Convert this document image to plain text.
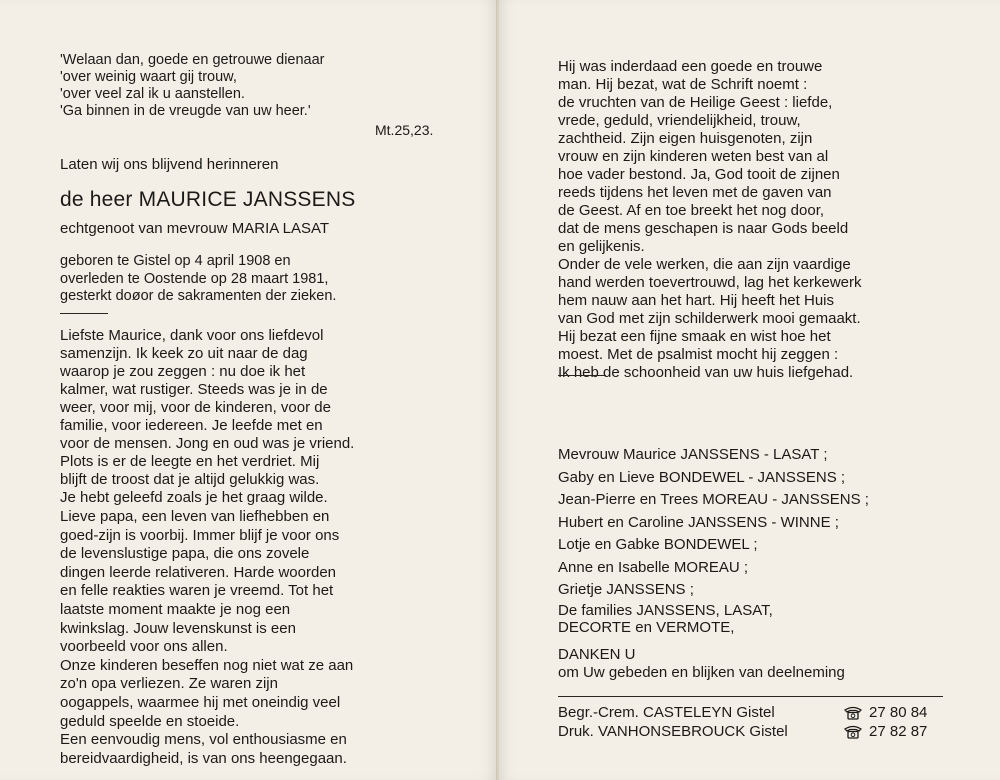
'Welaan dan, goede en getrouwe dienaar
'over weinig waart gij trouw,
'over veel zal ik u aanstellen.
'Ga binnen in de vreugde van uw heer.'
Mt.25,23.
Laten wij ons blijvend herinneren
de heer MAURICE JANSSENS
echtgenoot van mevrouw MARIA LASAT
geboren te Gistel op 4 april 1908 en
overleden te Oostende op 28 maart 1981,
gesterkt doøor de sakramenten der zieken.
Liefste Maurice, dank voor ons liefdevol
samenzijn. Ik keek zo uit naar de dag
waarop je zou zeggen : nu doe ik het
kalmer, wat rustiger. Steeds was je in de
weer, voor mij, voor de kinderen, voor de
familie, voor iedereen. Je leefde met en
voor de mensen. Jong en oud was je vriend.
Plots is er de leegte en het verdriet. Mij
blijft de troost dat je altijd gelukkig was.
Je hebt geleefd zoals je het graag wilde.
Lieve papa, een leven van liefhebben en
goed-zijn is voorbij. Immer blijf je voor ons
de levenslustige papa, die ons zovele
dingen leerde relativeren. Harde woorden
en felle reakties waren je vreemd. Tot het
laatste moment maakte je nog een
kwinkslag. Jouw levenskunst is een
voorbeeld voor ons allen.
Onze kinderen beseffen nog niet wat ze aan
zo'n opa verliezen. Ze waren zijn
oogappels, waarmee hij met oneindig veel
geduld speelde en stoeide.
Een eenvoudig mens, vol enthousiasme en
bereidvaardigheid, is van ons heengegaan.
Hij was inderdaad een goede en trouwe
man. Hij bezat, wat de Schrift noemt :
de vruchten van de Heilige Geest : liefde,
vrede, geduld, vriendelijkheid, trouw,
zachtheid. Zijn eigen huisgenoten, zijn
vrouw en zijn kinderen weten best van al
hoe vader bestond. Ja, God tooit de zijnen
reeds tijdens het leven met de gaven van
de Geest. Af en toe breekt het nog door,
dat de mens geschapen is naar Gods beeld
en gelijkenis.
Onder de vele werken, die aan zijn vaardige
hand werden toevertrouwd, lag het kerkewerk
hem nauw aan het hart. Hij heeft het Huis
van God met zijn schilderwerk mooi gemaakt.
Hij bezat een fijne smaak en wist hoe het
moest. Met de psalmist mocht hij zeggen :
Ik heb de schoonheid van uw huis liefgehad.
Mevrouw Maurice JANSSENS - LASAT ;
Gaby en Lieve BONDEWEL - JANSSENS ;
Jean-Pierre en Trees MOREAU - JANSSENS ;
Hubert en Caroline JANSSENS - WINNE ;
Lotje en Gabke BONDEWEL ;
Anne en Isabelle MOREAU ;
Grietje JANSSENS ;
De families JANSSENS, LASAT,
DECORTE en VERMOTE,
DANKEN U
om Uw gebeden en blijken van deelneming
Begr.-Crem. CASTELEYN Gistel	27 80 84
Druk. VANHONSEBROUCK Gistel	27 82 87
